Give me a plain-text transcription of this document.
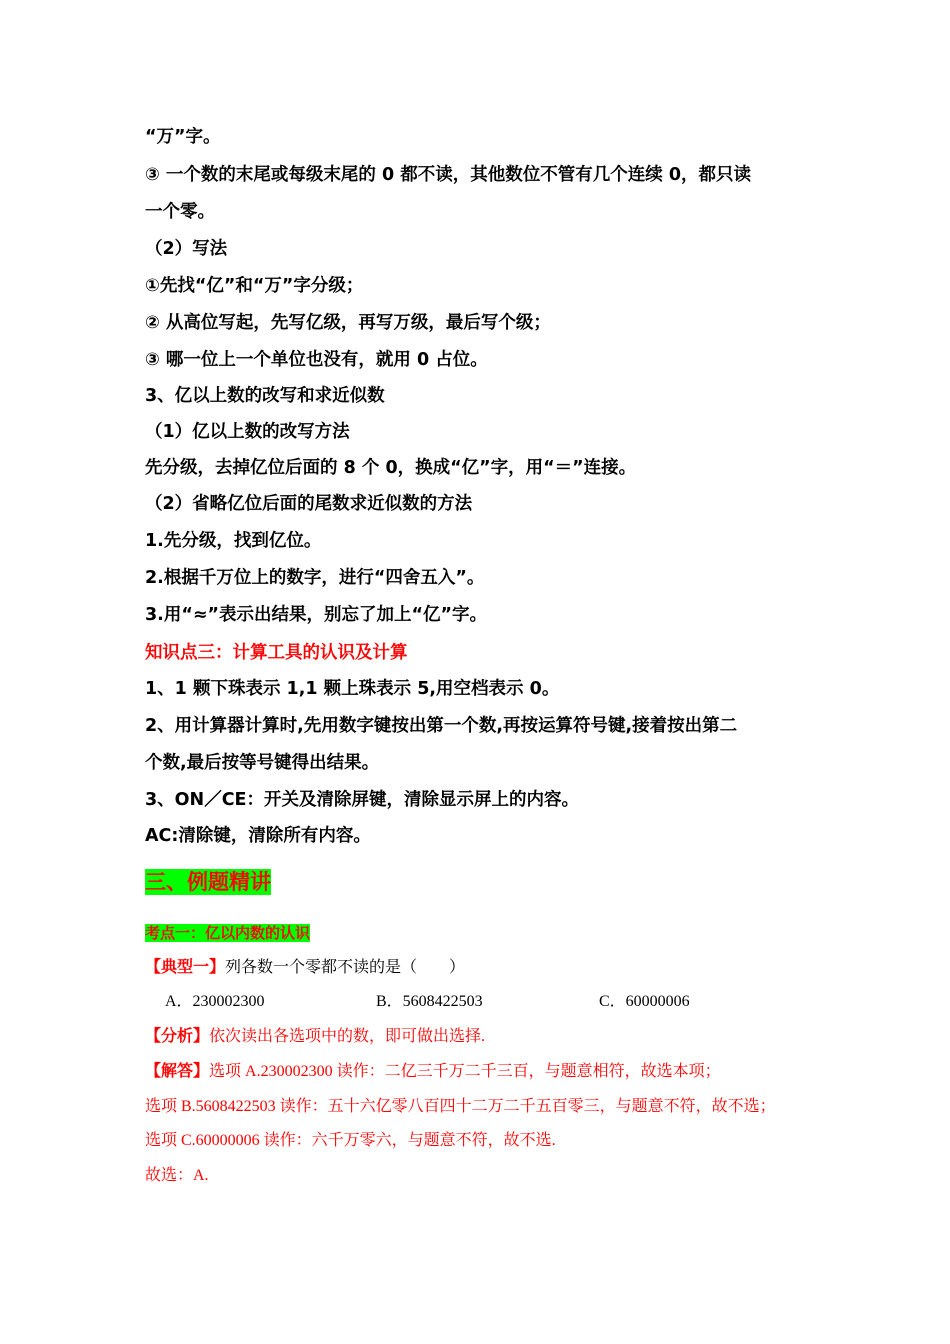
“万”字。
③ 一个数的末尾或每级末尾的 0 都不读，其他数位不管有几个连续 0，都只读
一个零。
（2）写法
①先找“亿”和“万”字分级；
② 从高位写起，先写亿级，再写万级，最后写个级；
③ 哪一位上一个单位也没有，就用 0 占位。
3、亿以上数的改写和求近似数
（1）亿以上数的改写方法
先分级，去掉亿位后面的 8 个 0，换成“亿”字，用“＝”连接。
（2）省略亿位后面的尾数求近似数的方法
1.先分级，找到亿位。
2.根据千万位上的数字，进行“四舍五入”。
3.用“≈”表示出结果，别忘了加上“亿”字。
知识点三：计算工具的认识及计算
1、1 颗下珠表示 1,1 颗上珠表示 5,用空档表示 0。
2、用计算器计算时,先用数字键按出第一个数,再按运算符号键,接着按出第二
个数,最后按等号键得出结果。
3、ON／CE：开关及清除屏键，清除显示屏上的内容。
AC:清除键，清除所有内容。
三、例题精讲
考点一：亿以内数的认识
【典型一】列各数一个零都不读的是（　　）
A．230002300	B．5608422503	C．60000006
【分析】依次读出各选项中的数，即可做出选择.
【解答】选项 A.230002300 读作：二亿三千万二千三百，与题意相符，故选本项；
选项 B.5608422503 读作：五十六亿零八百四十二万二千五百零三，与题意不符，故不选；
选项 C.60000006 读作：六千万零六，与题意不符，故不选.
故选：A.
